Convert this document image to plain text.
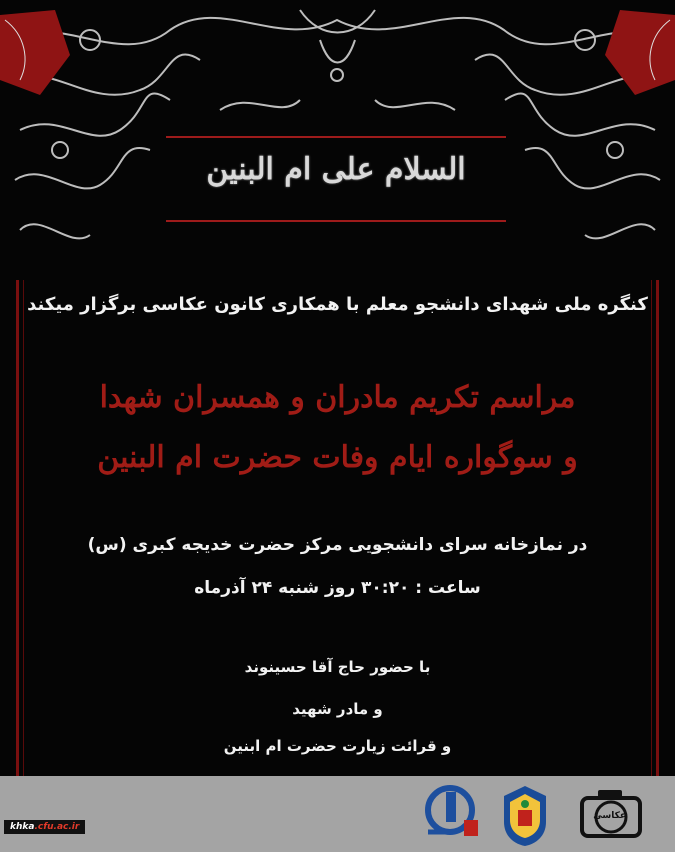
السلام علی ام البنین
کنگره ملی شهدای دانشجو معلم با همکاری کانون عکاسی برگزار میکند
مراسم تکریم مادران و همسران شهدا
و سوگواره ایام وفات حضرت ام البنین
در نمازخانه سرای دانشجویی مرکز حضرت خدیجه کبری (س)
ساعت : ۳۰:۲۰ روز شنبه ۲۴ آذرماه
با حضور حاج آقا حسینوند
و مادر شهید
و قرائت زیارت حضرت ام ابنین
khka.cfu.ac.ir
عکاسی
